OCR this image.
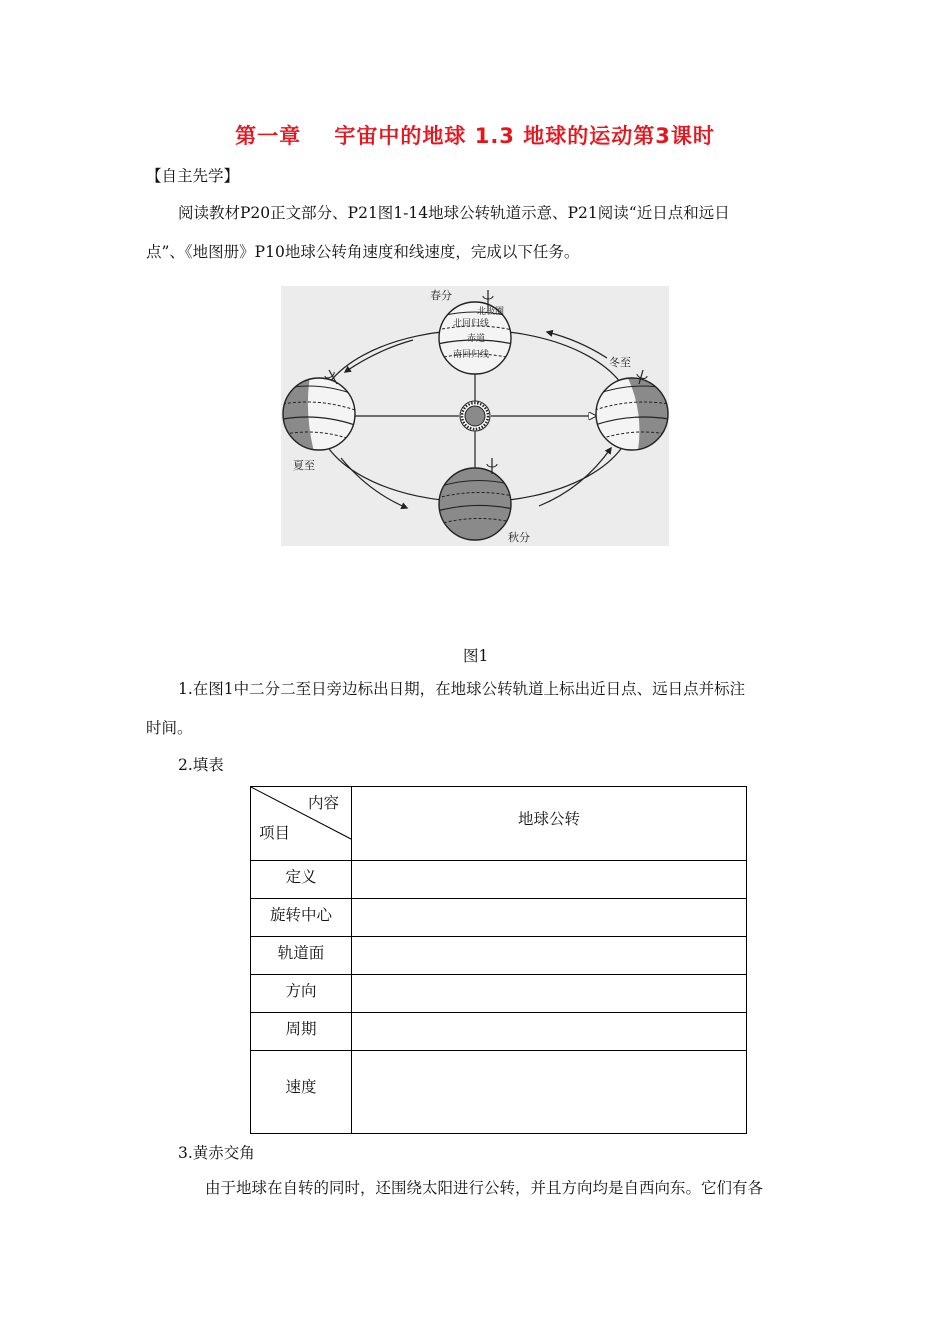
第一章    宇宙中的地球 1.3 地球的运动第3课时
【自主先学】
阅读教材P20正文部分、P21图1-14地球公转轨道示意、P21阅读“近日点和远日
点”、《地图册》P10地球公转角速度和线速度，完成以下任务。
北极圈
北回归线
赤道
南回归线
春分
夏至
冬至
秋分
图1
1.在图1中二分二至日旁边标出日期，在地球公转轨道上标出近日点、远日点并标注
时间。
2.填表
内容
项目	地球公转
定义	
旋转中心	
轨道面	
方向	
周期	
速度	
3.黄赤交角
由于地球在自转的同时，还围绕太阳进行公转，并且方向均是自西向东。它们有各
